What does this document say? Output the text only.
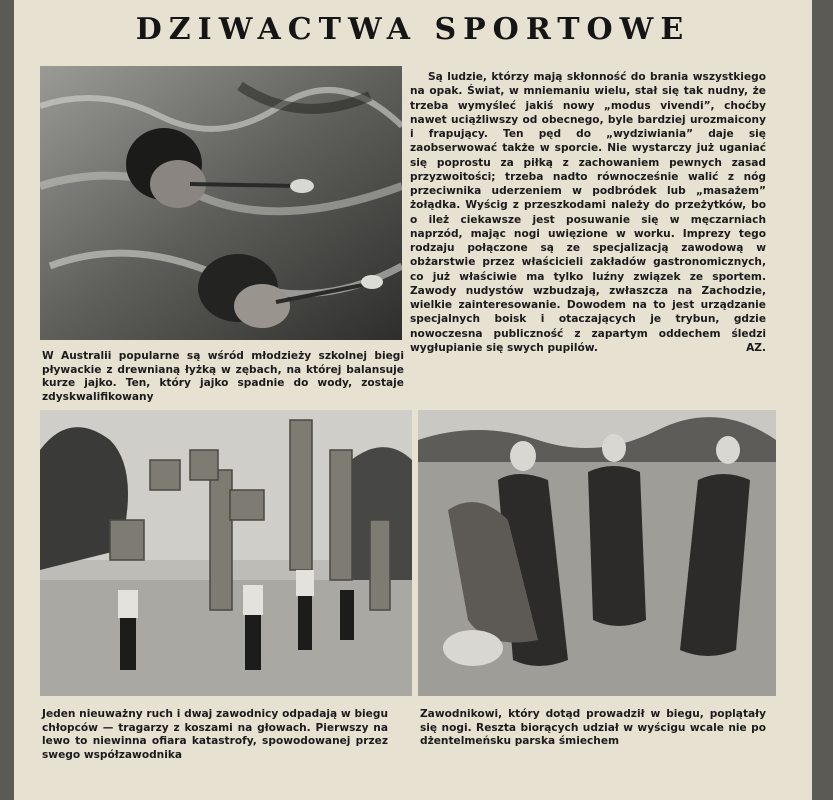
DZIWACTWA SPORTOWE
W Australii popularne są wśród młodzieży szkolnej biegi pływackie z drewnianą łyżką w zębach, na której balansuje kurze jajko. Ten, który jajko spadnie do wody, zostaje zdyskwalifikowany

Są ludzie, którzy mają skłonność do brania wszystkiego na opak. Świat, w mniemaniu wielu, stał się tak nudny, że trzeba wymyśleć jakiś nowy „modus vivendi”, choćby nawet uciążliwszy od obecnego, byle bardziej urozmaicony i frapujący. Ten pęd do „wydziwiania” daje się zaobserwować także w sporcie. Nie wystarczy już uganiać się poprostu za piłką z zachowaniem pewnych zasad przyzwoitości; trzeba nadto równocześnie walić z nóg przeciwnika uderzeniem w podbródek lub „masażem” żołądka. Wyścig z przeszkodami należy do przeżytków, bo o ileż ciekawsze jest posuwanie się w męczarniach naprzód, mając nogi uwięzione w worku. Imprezy tego rodzaju połączone są ze specjalizacją zawodową w obżarstwie przez właścicieli zakładów gastronomicznych, co już właściwie ma tylko luźny związek ze sportem. Zawody nudystów wzbudzają, zwłaszcza na Zachodzie, wielkie zainteresowanie. Dowodem na to jest urządzanie specjalnych boisk i otaczających je trybun, gdzie nowoczesna publiczność z zapartym oddechem śledzi wygłupianie się swych pupilów.	AZ.
Jeden nieuważny ruch i dwaj zawodnicy odpadają w biegu chłopców — tragarzy z koszami na głowach. Pierwszy na lewo to niewinna ofiara katastrofy, spowodowanej przez swego współzawodnika
Zawodnikowi, który dotąd prowadził w biegu, poplątały się nogi. Reszta biorących udział w wyścigu wcale nie po dżentelmeńsku parska śmiechem
